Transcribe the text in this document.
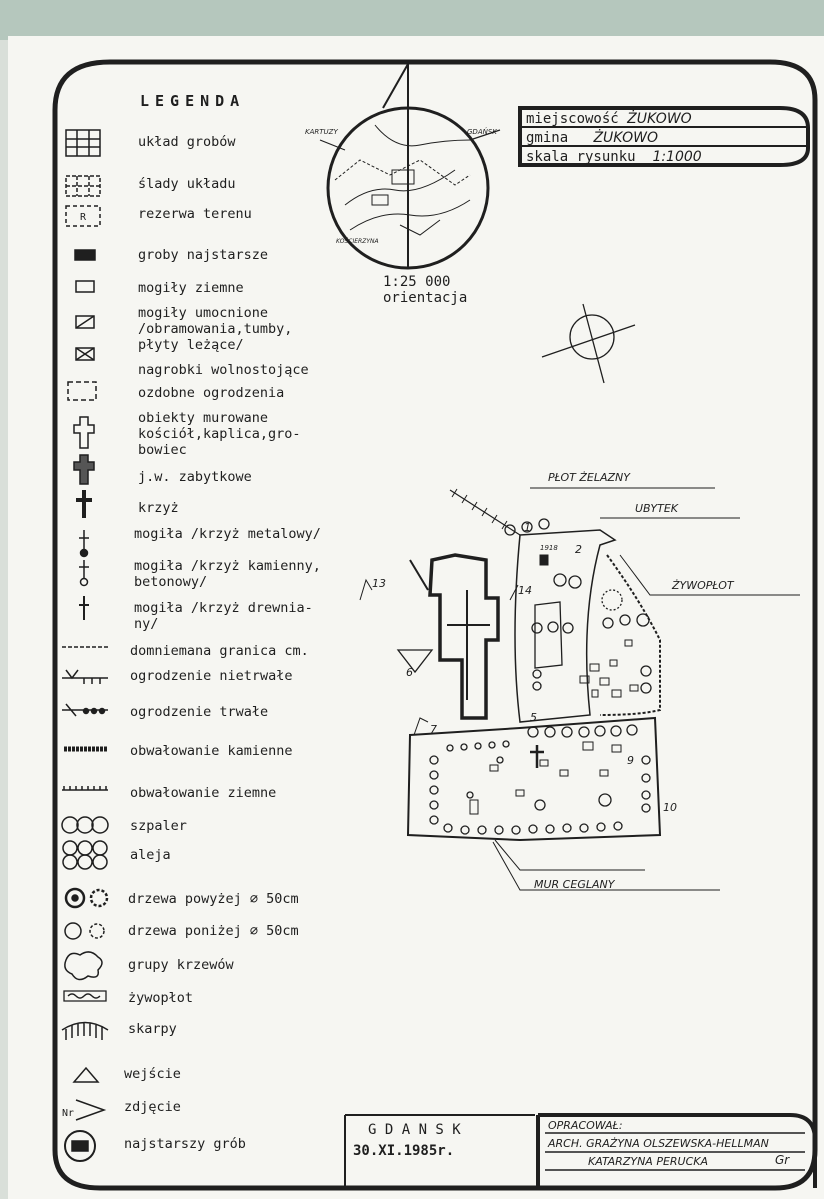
R
Nr
LEGENDA
układ grobów
ślady układu
rezerwa terenu
groby najstarsze
mogiły ziemne
mogiły umocnione
/obramowania,tumby,
płyty leżące/
nagrobki wolnostojące
ozdobne ogrodzenia
obiekty murowane
kościół,kaplica,gro-
bowiec
j.w. zabytkowe
krzyż
mogiła /krzyż metalowy/
mogiła /krzyż kamienny,
betonowy/
mogiła /krzyż drewnia-
ny/
domniemana granica cm.
ogrodzenie nietrwałe
ogrodzenie trwałe
obwałowanie kamienne
obwałowanie ziemne
szpaler
aleja
drzewa powyżej ⌀ 50cm
drzewa poniżej ⌀ 50cm
grupy krzewów
żywopłot
skarpy
wejście
zdjęcie
najstarszy grób
miejscowość ŻUKOWO
gmina ŻUKOWO
skala rysunku 1:1000
1:25 000
orientacja
KARTUZY	GDAŃSK
KOŚCIERZYNA
PŁOT ŻELAZNY
UBYTEK
ŻYWOPŁOT
MUR CEGLANY
1918
1
2
5
6
7
9
10
13
14
G D A N S K
30.XI.1985r.
OPRACOWAŁ:
ARCH. GRAŻYNA OLSZEWSKA-HELLMAN
KATARZYNA PERUCKA	Gr
